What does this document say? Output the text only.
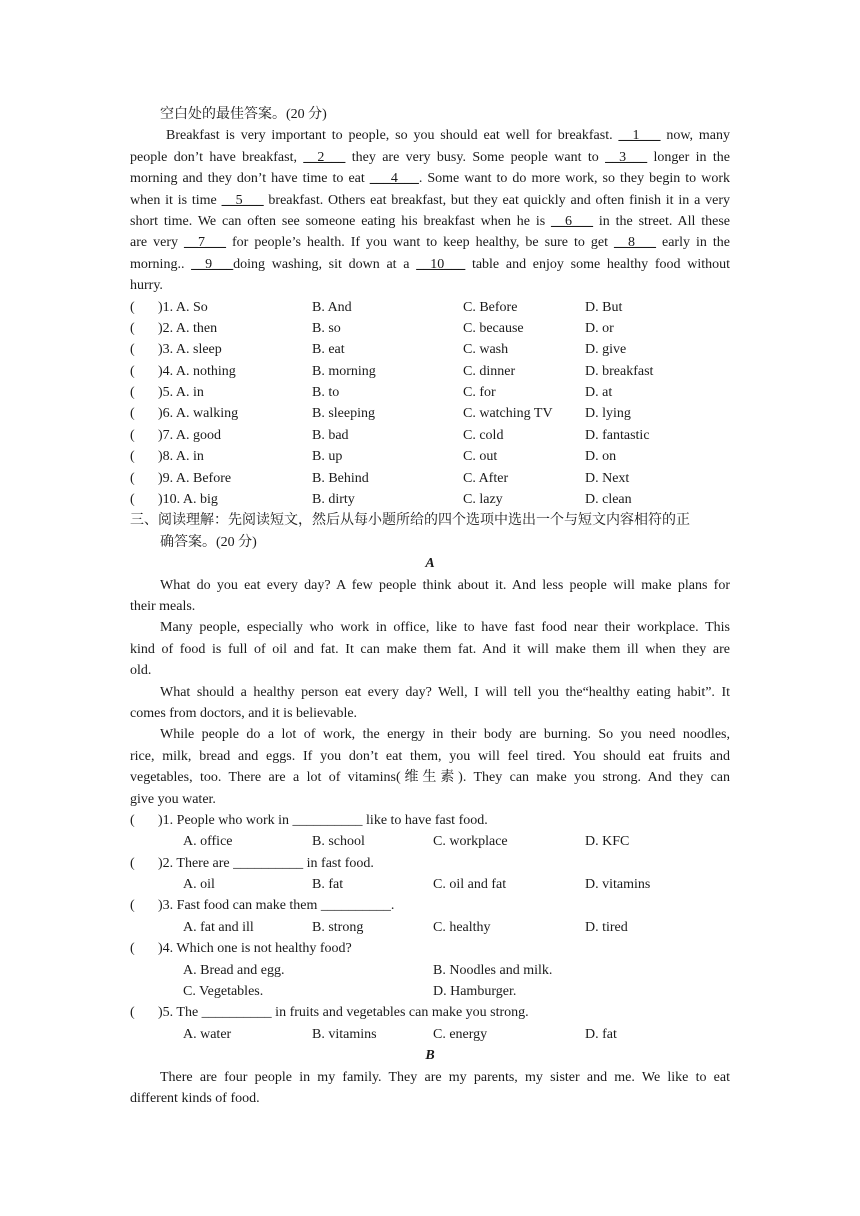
空白处的最佳答案。(20 分)
Breakfast is very important to people, so you should eat well for breakfast. __1___ now, many
people don’t have breakfast, __2___ they are very busy. Some people want to __3___ longer in the
morning and they don’t have time to eat ___4___. Some want to do more work, so they begin to work
when it is time __5___ breakfast. Others eat breakfast, but they eat quickly and often finish it in a very
short time. We can often see someone eating his breakfast when he is __6___ in the street. All these
are very __7___ for people’s health. If you want to keep healthy, be sure to get __8___ early in the
morning.. __9___doing washing, sit down at a __10___ table and enjoy some healthy food without
hurry.
( )1. A. So	B. And	C. Before	D. But
( )2. A. then	B. so	C. because	D. or
( )3. A. sleep	B. eat	C. wash	D. give
( )4. A. nothing	B. morning	C. dinner	D. breakfast
( )5. A. in	B. to	C. for	D. at
( )6. A. walking	B. sleeping	C. watching TV D. lying
( )7. A. good	B. bad	C. cold	D. fantastic
( )8. A. in	B. up	C. out	D. on
( )9. A. Before	B. Behind	C. After	D. Next
( )10. A. big	B. dirty	C. lazy	D. clean
三、阅读理解：先阅读短文，然后从每小题所给的四个选项中选出一个与短文内容相符的正
确答案。(20 分)
A
What do you eat every day? A few people think about it. And less people will make plans for
their meals.
Many people, especially who work in office, like to have fast food near their workplace. This
kind of food is full of oil and fat. It can make them fat. And it will make them ill when they are
old.
What should a healthy person eat every day? Well, I will tell you the“healthy eating habit”. It
comes from doctors, and it is believable.
While people do a lot of work, the energy in their body are burning. So you need noodles,
rice, milk, bread and eggs. If you don’t eat them, you will feel tired. You should eat fruits and
vegetables, too. There are a lot of vitamins(维生素). They can make you strong. And they can
give you water.
( )1. People who work in __________ like to have fast food.
A. office	B. school	C. workplace	D. KFC
( )2. There are __________ in fast food.
A. oil	B. fat	C. oil and fat	D. vitamins
( )3. Fast food can make them __________.
A. fat and ill	B. strong	C. healthy	D. tired
( )4. Which one is not healthy food?
A. Bread and egg.	B. Noodles and milk.
C. Vegetables.	D. Hamburger.
( )5. The __________ in fruits and vegetables can make you strong.
A. water	B. vitamins	C. energy	D. fat
B
There are four people in my family. They are my parents, my sister and me. We like to eat
different kinds of food.
